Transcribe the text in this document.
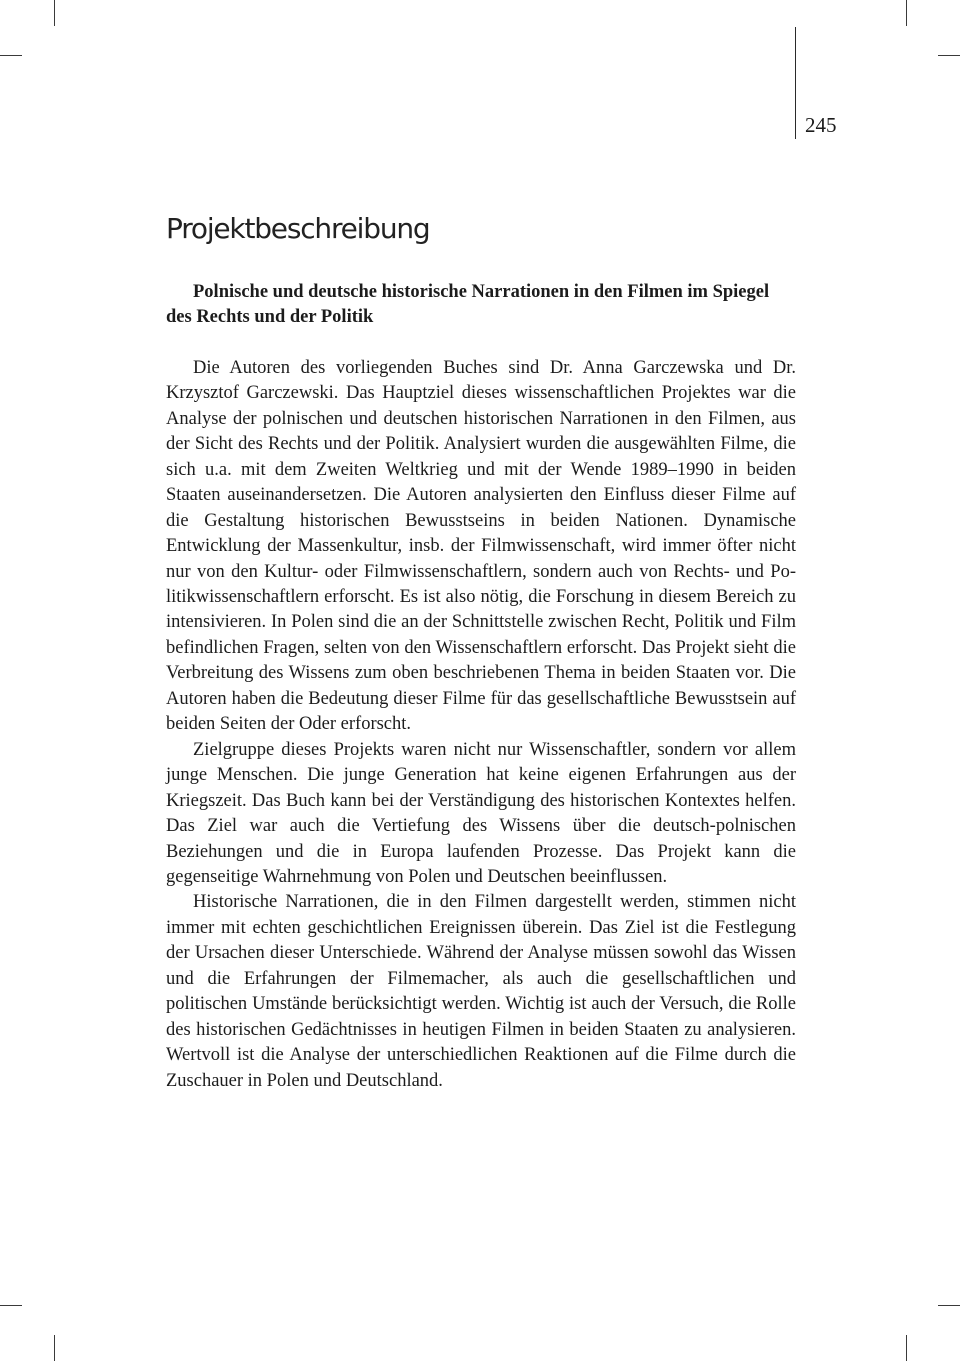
245
Projektbeschreibung

Polnische und deutsche historische Narrationen in den Filmen im Spiegel des Rechts und der Politik

Die Autoren des vorliegenden Buches sind Dr. Anna Garczewska und Dr. Krzysztof Garczewski. Das Hauptziel dieses wissenschaftlichen Projektes war die Analyse der polnischen und deutschen historischen Narrationen in den Filmen, aus der Sicht des Rechts und der Politik. Analysiert wurden die ausgewählten Filme, die sich u.a. mit dem Zweiten Weltkrieg und mit der Wende 1989–1990 in beiden Staaten auseinandersetzen. Die Autoren analysierten den Einfluss dieser Filme auf die Gestaltung historischen Bewusstseins in beiden Nationen. Dynamische Entwicklung der Massenkultur, insb. der Filmwissenschaft, wird immer öfter nicht nur von den Kultur- oder Filmwissenschaftlern, sondern auch von Rechts- und Politikwissenschaftlern erforscht. Es ist also nötig, die Forschung in diesem Bereich zu intensivieren. In Polen sind die an der Schnittstelle zwischen Recht, Politik und Film befindlichen Fragen, selten von den Wissenschaftlern erforscht. Das Projekt sieht die Verbreitung des Wissens zum oben beschriebenen Thema in beiden Staaten vor. Die Autoren haben die Bedeutung dieser Filme für das gesellschaftliche Bewusstsein auf beiden Seiten der Oder erforscht.

Zielgruppe dieses Projekts waren nicht nur Wissenschaftler, sondern vor allem junge Menschen. Die junge Generation hat keine eigenen Erfahrungen aus der Kriegszeit. Das Buch kann bei der Verständigung des historischen Kontextes helfen. Das Ziel war auch die Vertiefung des Wissens über die deutsch-polnischen Beziehungen und die in Europa laufenden Prozesse. Das Projekt kann die gegenseitige Wahrnehmung von Polen und Deutschen beeinflussen.

Historische Narrationen, die in den Filmen dargestellt werden, stimmen nicht immer mit echten geschichtlichen Ereignissen überein. Das Ziel ist die Festlegung der Ursachen dieser Unterschiede. Während der Analyse müssen sowohl das Wissen und die Erfahrungen der Filmemacher, als auch die gesellschaftlichen und politischen Umstände berücksichtigt werden. Wichtig ist auch der Versuch, die Rolle des historischen Gedächtnisses in heutigen Filmen in beiden Staaten zu analysieren. Wertvoll ist die Analyse der unterschiedlichen Reaktionen auf die Filme durch die Zuschauer in Polen und Deutschland.
